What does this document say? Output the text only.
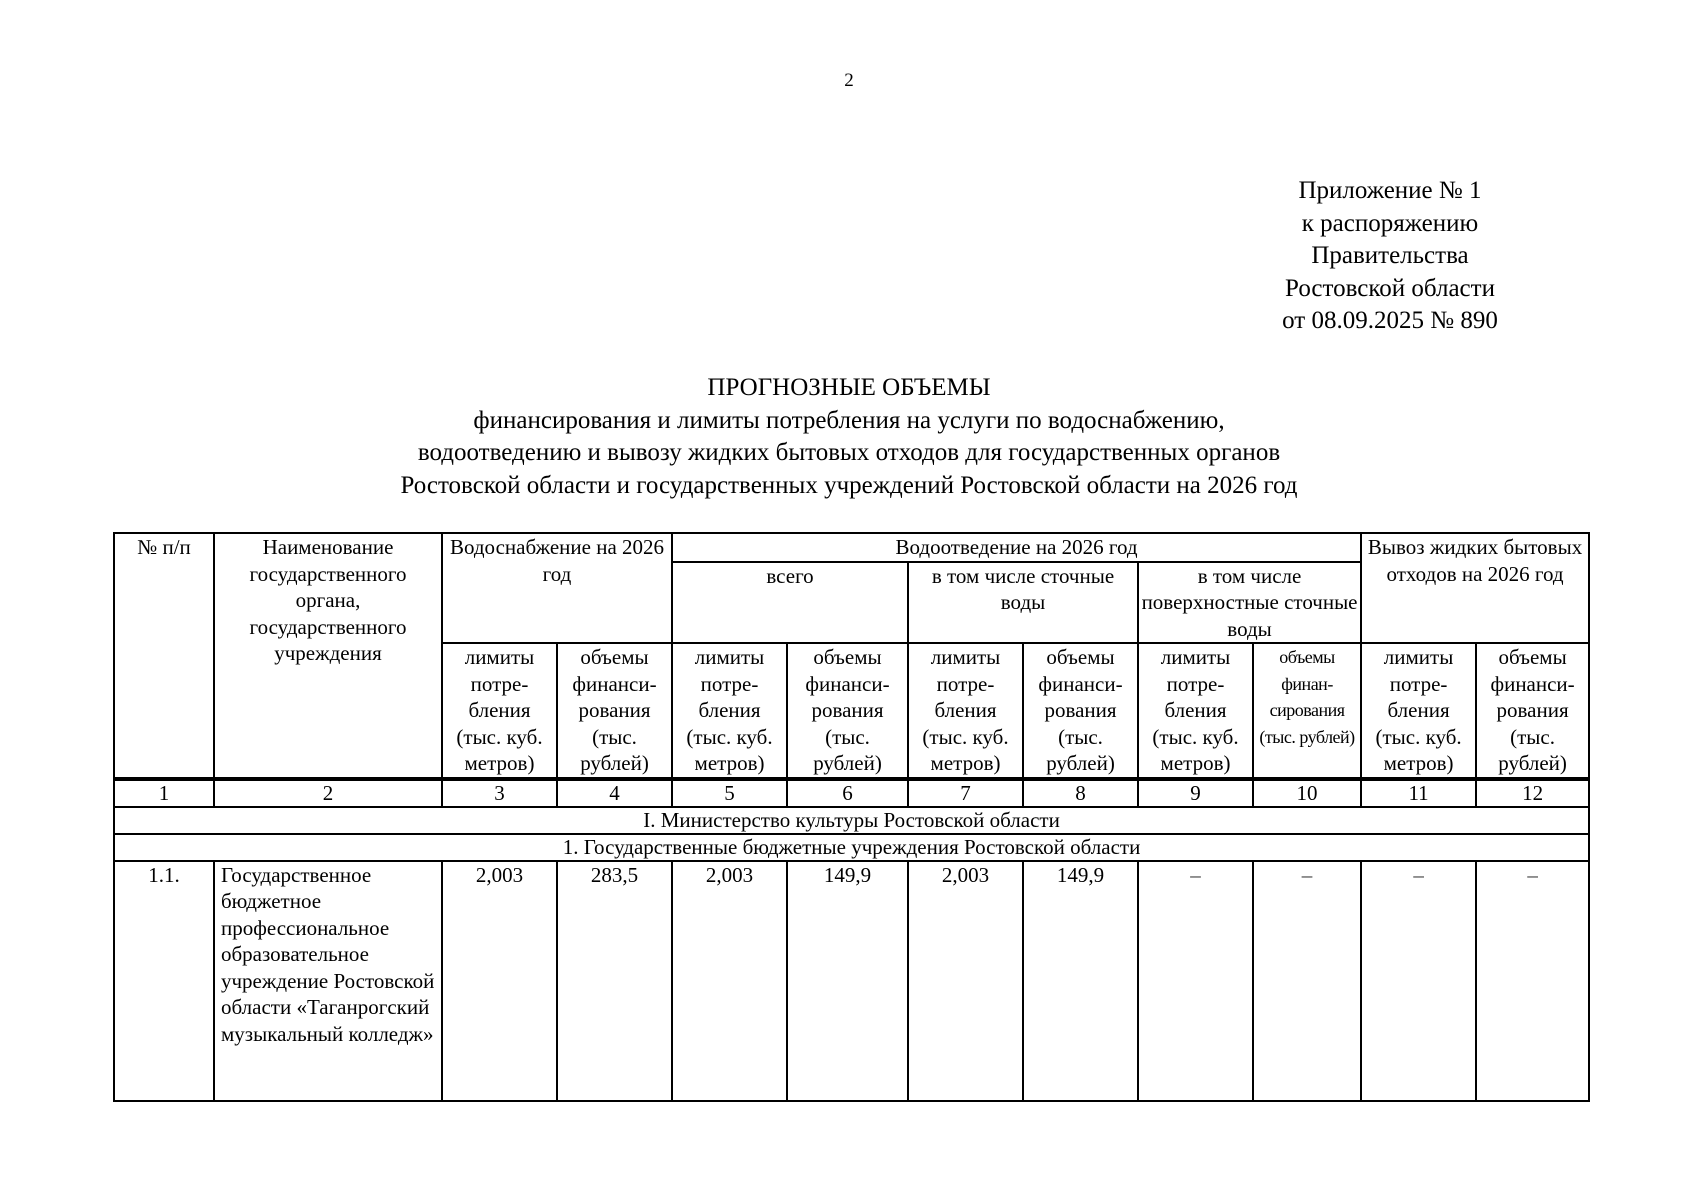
2
Приложение № 1
к распоряжению
Правительства
Ростовской области
от 08.09.2025 № 890
ПРОГНОЗНЫЕ ОБЪЕМЫ
финансирования и лимиты потребления на услуги по водоснабжению,
водоотведению и вывозу жидких бытовых отходов для государственных органов
Ростовской области и государственных учреждений Ростовской области на 2026 год
№ п/п	Наименование государственного органа, государственного учреждения	Водоснабжение на 2026 год		Водоотведение на 2026 год						Вывоз жидких бытовых отходов на 2026 год	
				всего		в том числе сточные воды		в том числе поверхностные сточные воды			
		лимиты потре-бления (тыс. куб. метров)	объемы финанси-рования (тыс. рублей)	лимиты потре-бления (тыс. куб. метров)	объемы финанси-рования (тыс. рублей)	лимиты потре-бления (тыс. куб. метров)	объемы финанси-рования (тыс. рублей)	лимиты потре-бления (тыс. куб. метров)	объемы финан-сирования (тыс. рублей)	лимиты потре-бления (тыс. куб. метров)	объемы финанси-рования (тыс. рублей)
1	2	3	4	5	6	7	8	9	10	11	12
I. Министерство культуры Ростовской области											
1. Государственные бюджетные учреждения Ростовской области											
1.1.	Государственное бюджетное профессиональное образовательное учреждение Ростовской области «Таганрогский музыкальный колледж»	2,003	283,5	2,003	149,9	2,003	149,9	–	–	–	–
